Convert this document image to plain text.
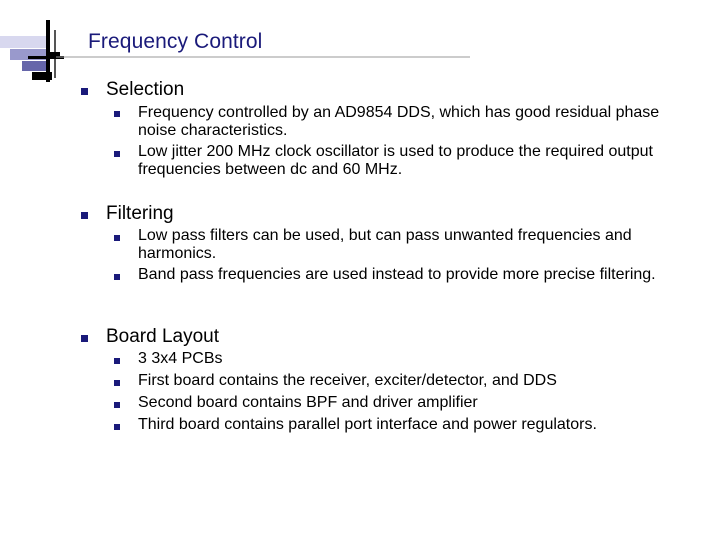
Frequency Control
Selection
Frequency controlled by an AD9854 DDS, which has good residual phase noise characteristics.
Low jitter 200 MHz clock oscillator is used to produce the required output frequencies between dc and 60 MHz.
Filtering
Low pass filters can be used, but can pass unwanted frequencies and harmonics.
Band pass frequencies are used instead to provide more precise filtering.
Board Layout
3 3x4 PCBs
First board contains the receiver, exciter/detector, and DDS
Second board contains BPF and driver amplifier
Third board contains parallel port interface and power regulators.
